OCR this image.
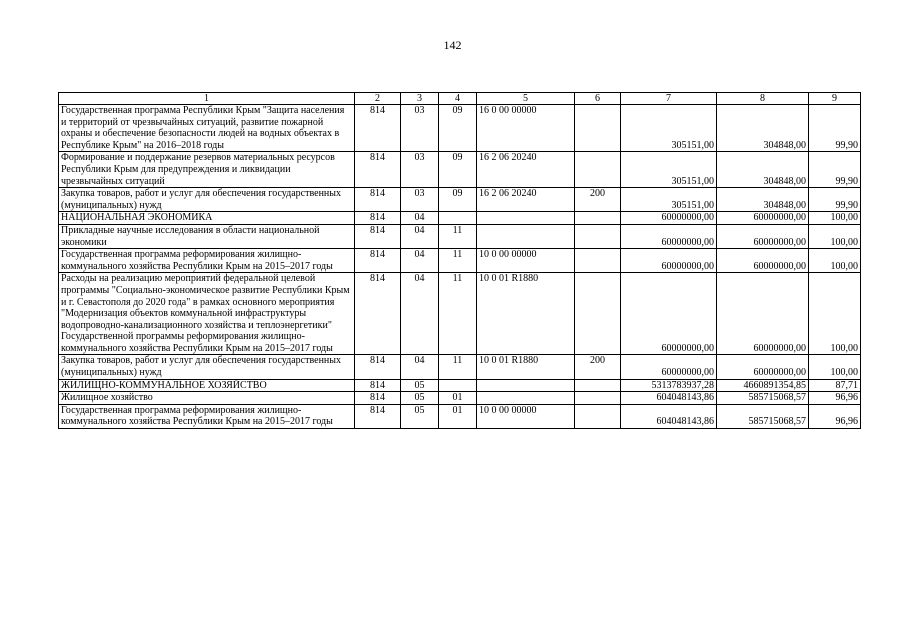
142
1	2	3	4	5	6	7	8	9
Государственная программа Республики Крым "Защита населения и территорий от чрезвычайных ситуаций, развитие пожарной охраны и обеспечение безопасности людей на водных объектах в Республике Крым" на 2016–2018 годы	814	03	09	16 0 00 00000		305151,00	304848,00	99,90
Формирование и поддержание резервов материальных ресурсов Республики Крым для предупреждения и ликвидации чрезвычайных ситуаций	814	03	09	16 2 06 20240		305151,00	304848,00	99,90
Закупка товаров, работ и услуг для обеспечения государственных (муниципальных) нужд	814	03	09	16 2 06 20240	200	305151,00	304848,00	99,90
НАЦИОНАЛЬНАЯ ЭКОНОМИКА	814	04				60000000,00	60000000,00	100,00
Прикладные научные исследования в области национальной экономики	814	04	11			60000000,00	60000000,00	100,00
Государственная программа реформирования жилищно-коммунального хозяйства Республики Крым на 2015–2017 годы	814	04	11	10 0 00 00000		60000000,00	60000000,00	100,00
Расходы на реализацию мероприятий федеральной целевой программы "Социально-экономическое развитие Республики Крым и г. Севастополя до 2020 года" в рамках основного мероприятия "Модернизация объектов коммунальной инфраструктуры водопроводно-канализационного хозяйства и теплоэнергетики" Государственной программы реформирования жилищно-коммунального хозяйства Республики Крым на 2015–2017 годы	814	04	11	10 0 01 R1880		60000000,00	60000000,00	100,00
Закупка товаров, работ и услуг для обеспечения государственных (муниципальных) нужд	814	04	11	10 0 01 R1880	200	60000000,00	60000000,00	100,00
ЖИЛИЩНО-КОММУНАЛЬНОЕ ХОЗЯЙСТВО	814	05				5313783937,28	4660891354,85	87,71
Жилищное хозяйство	814	05	01			604048143,86	585715068,57	96,96
Государственная программа реформирования жилищно-коммунального хозяйства Республики Крым на 2015–2017 годы	814	05	01	10 0 00 00000		604048143,86	585715068,57	96,96
